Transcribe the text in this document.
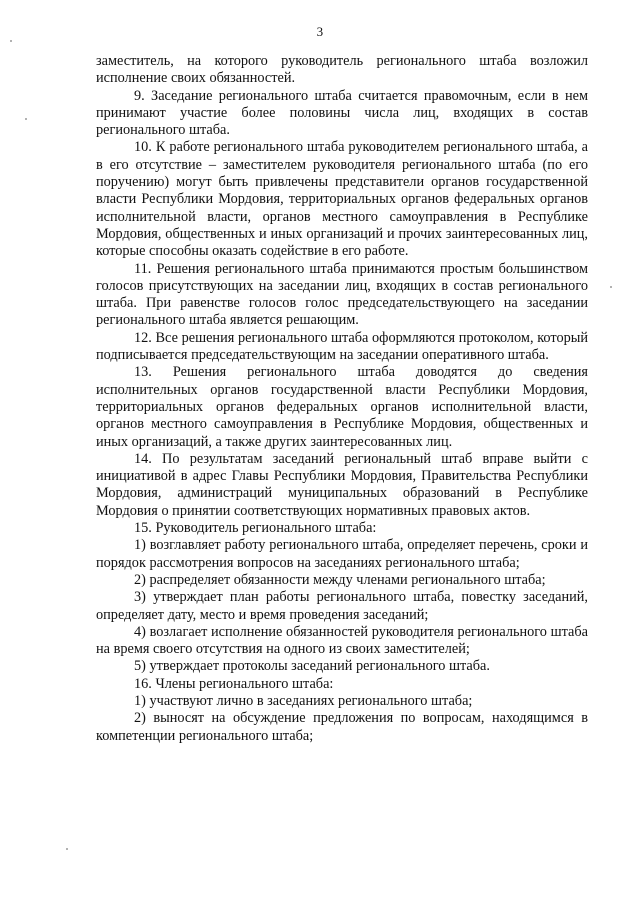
3

заместитель, на которого руководитель регионального штаба возложил исполнение своих обязанностей.

9. Заседание регионального штаба считается правомочным, если в нем принимают участие более половины числа лиц, входящих в состав регионального штаба.

10. К работе регионального штаба руководителем регионального штаба, а в его отсутствие – заместителем руководителя регионального штаба (по его поручению) могут быть привлечены представители органов государственной власти Республики Мордовия, территориальных органов федеральных органов исполнительной власти, органов местного самоуправления в Республике Мордовия, общественных и иных организаций и прочих заинтересованных лиц, которые способны оказать содействие в его работе.

11. Решения регионального штаба принимаются простым большинством голосов присутствующих на заседании лиц, входящих в состав регионального штаба. При равенстве голосов голос председательствующего на заседании регионального штаба является решающим.

12. Все решения регионального штаба оформляются протоколом, который подписывается председательствующим на заседании оперативного штаба.

13. Решения регионального штаба доводятся до сведения исполнительных органов государственной власти Республики Мордовия, территориальных органов федеральных органов исполнительной власти, органов местного самоуправления в Республике Мордовия, общественных и иных организаций, а также других заинтересованных лиц.

14. По результатам заседаний региональный штаб вправе выйти с инициативой в адрес Главы Республики Мордовия, Правительства Республики Мордовия, администраций муниципальных образований в Республике Мордовия о принятии соответствующих нормативных правовых актов.

15. Руководитель регионального штаба:

1) возглавляет работу регионального штаба, определяет перечень, сроки и порядок рассмотрения вопросов на заседаниях регионального штаба;

2) распределяет обязанности между членами регионального штаба;

3) утверждает план работы регионального штаба, повестку заседаний, определяет дату, место и время проведения заседаний;

4) возлагает исполнение обязанностей руководителя регионального штаба на время своего отсутствия на одного из своих заместителей;

5) утверждает протоколы заседаний регионального штаба.

16. Члены регионального штаба:

1) участвуют лично в заседаниях регионального штаба;

2) выносят на обсуждение предложения по вопросам, находящимся в компетенции регионального штаба;
